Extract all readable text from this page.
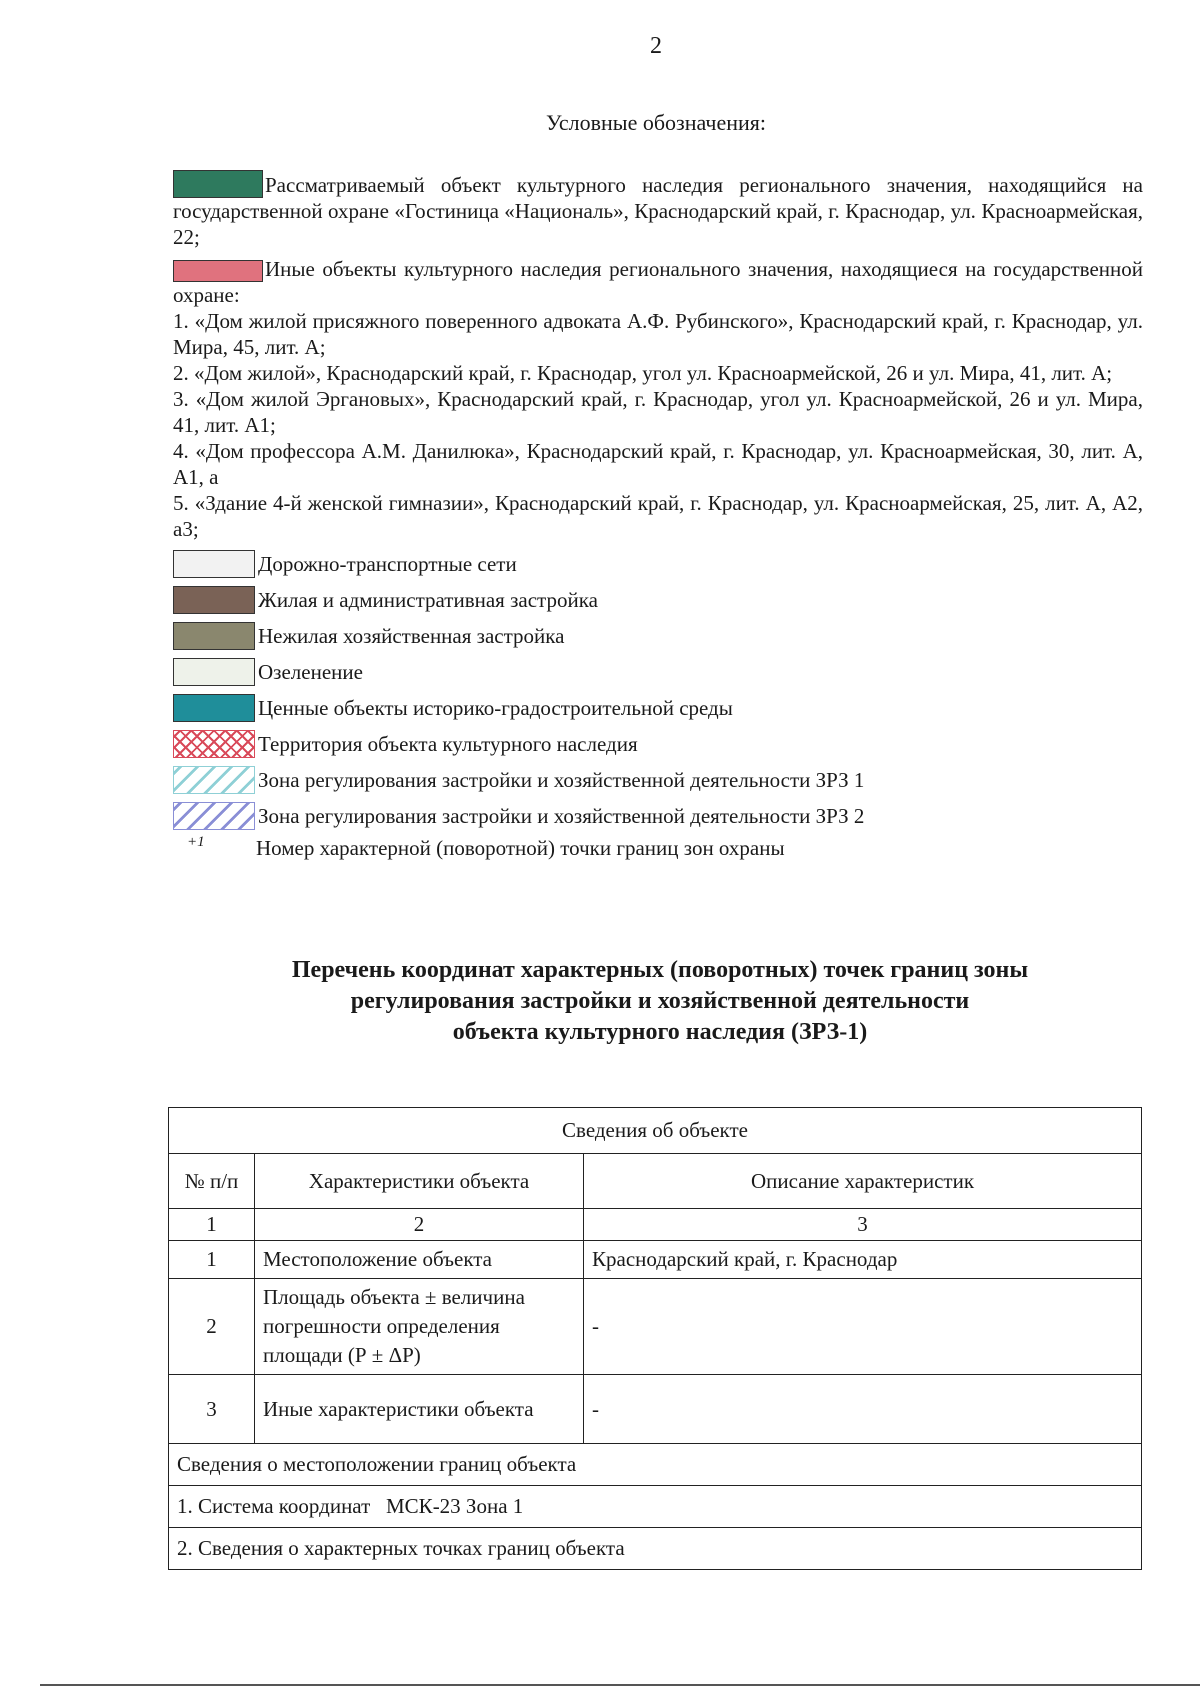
2
Условные обозначения:

Рассматриваемый объект культурного наследия регионального значения, находящийся на государственной охране «Гостиница «Националь», Краснодарский край, г. Краснодар, ул. Красноармейская, 22;

Иные объекты культурного наследия регионального значения, находящиеся на государственной охране:

1. «Дом жилой присяжного поверенного адвоката А.Ф. Рубинского», Краснодарский край, г. Краснодар, ул. Мира, 45, лит. А;

2. «Дом жилой», Краснодарский край, г. Краснодар, угол ул. Красноармейской, 26 и ул. Мира, 41, лит. А;

3. «Дом жилой Эргановых», Краснодарский край, г. Краснодар, угол ул. Красноармейской, 26 и ул. Мира, 41, лит. А1;

4. «Дом профессора А.М. Данилюка», Краснодарский край, г. Краснодар, ул. Красноармейская, 30, лит. А, А1, а

5. «Здание 4-й женской гимназии», Краснодарский край, г. Краснодар, ул. Красноармейская, 25, лит. А, А2, а3;

Дорожно-транспортные сети
Жилая и административная застройка
Нежилая хозяйственная застройка
Озеленение
Ценные объекты историко-градостроительной среды
Территория объекта культурного наследия
Зона регулирования застройки и хозяйственной деятельности ЗРЗ 1
Зона регулирования застройки и хозяйственной деятельности ЗРЗ 2
+1	Номер характерной (поворотной) точки границ зон охраны
Перечень координат характерных (поворотных) точек границ зоны
регулирования застройки и хозяйственной деятельности
объекта культурного наследия (ЗРЗ-1)
Сведения об объекте		
№ п/п	Характеристики объекта	Описание характеристик
1	2	3
1	Местоположение объекта	Краснодарский край, г. Краснодар
2	Площадь объекта ± величина погрешности определения площади (Р ± ΔР)	-
3	Иные характеристики объекта	-
Сведения о местоположении границ объекта		
1. Система координат   МСК-23 Зона 1		
2. Сведения о характерных точках границ объекта		
